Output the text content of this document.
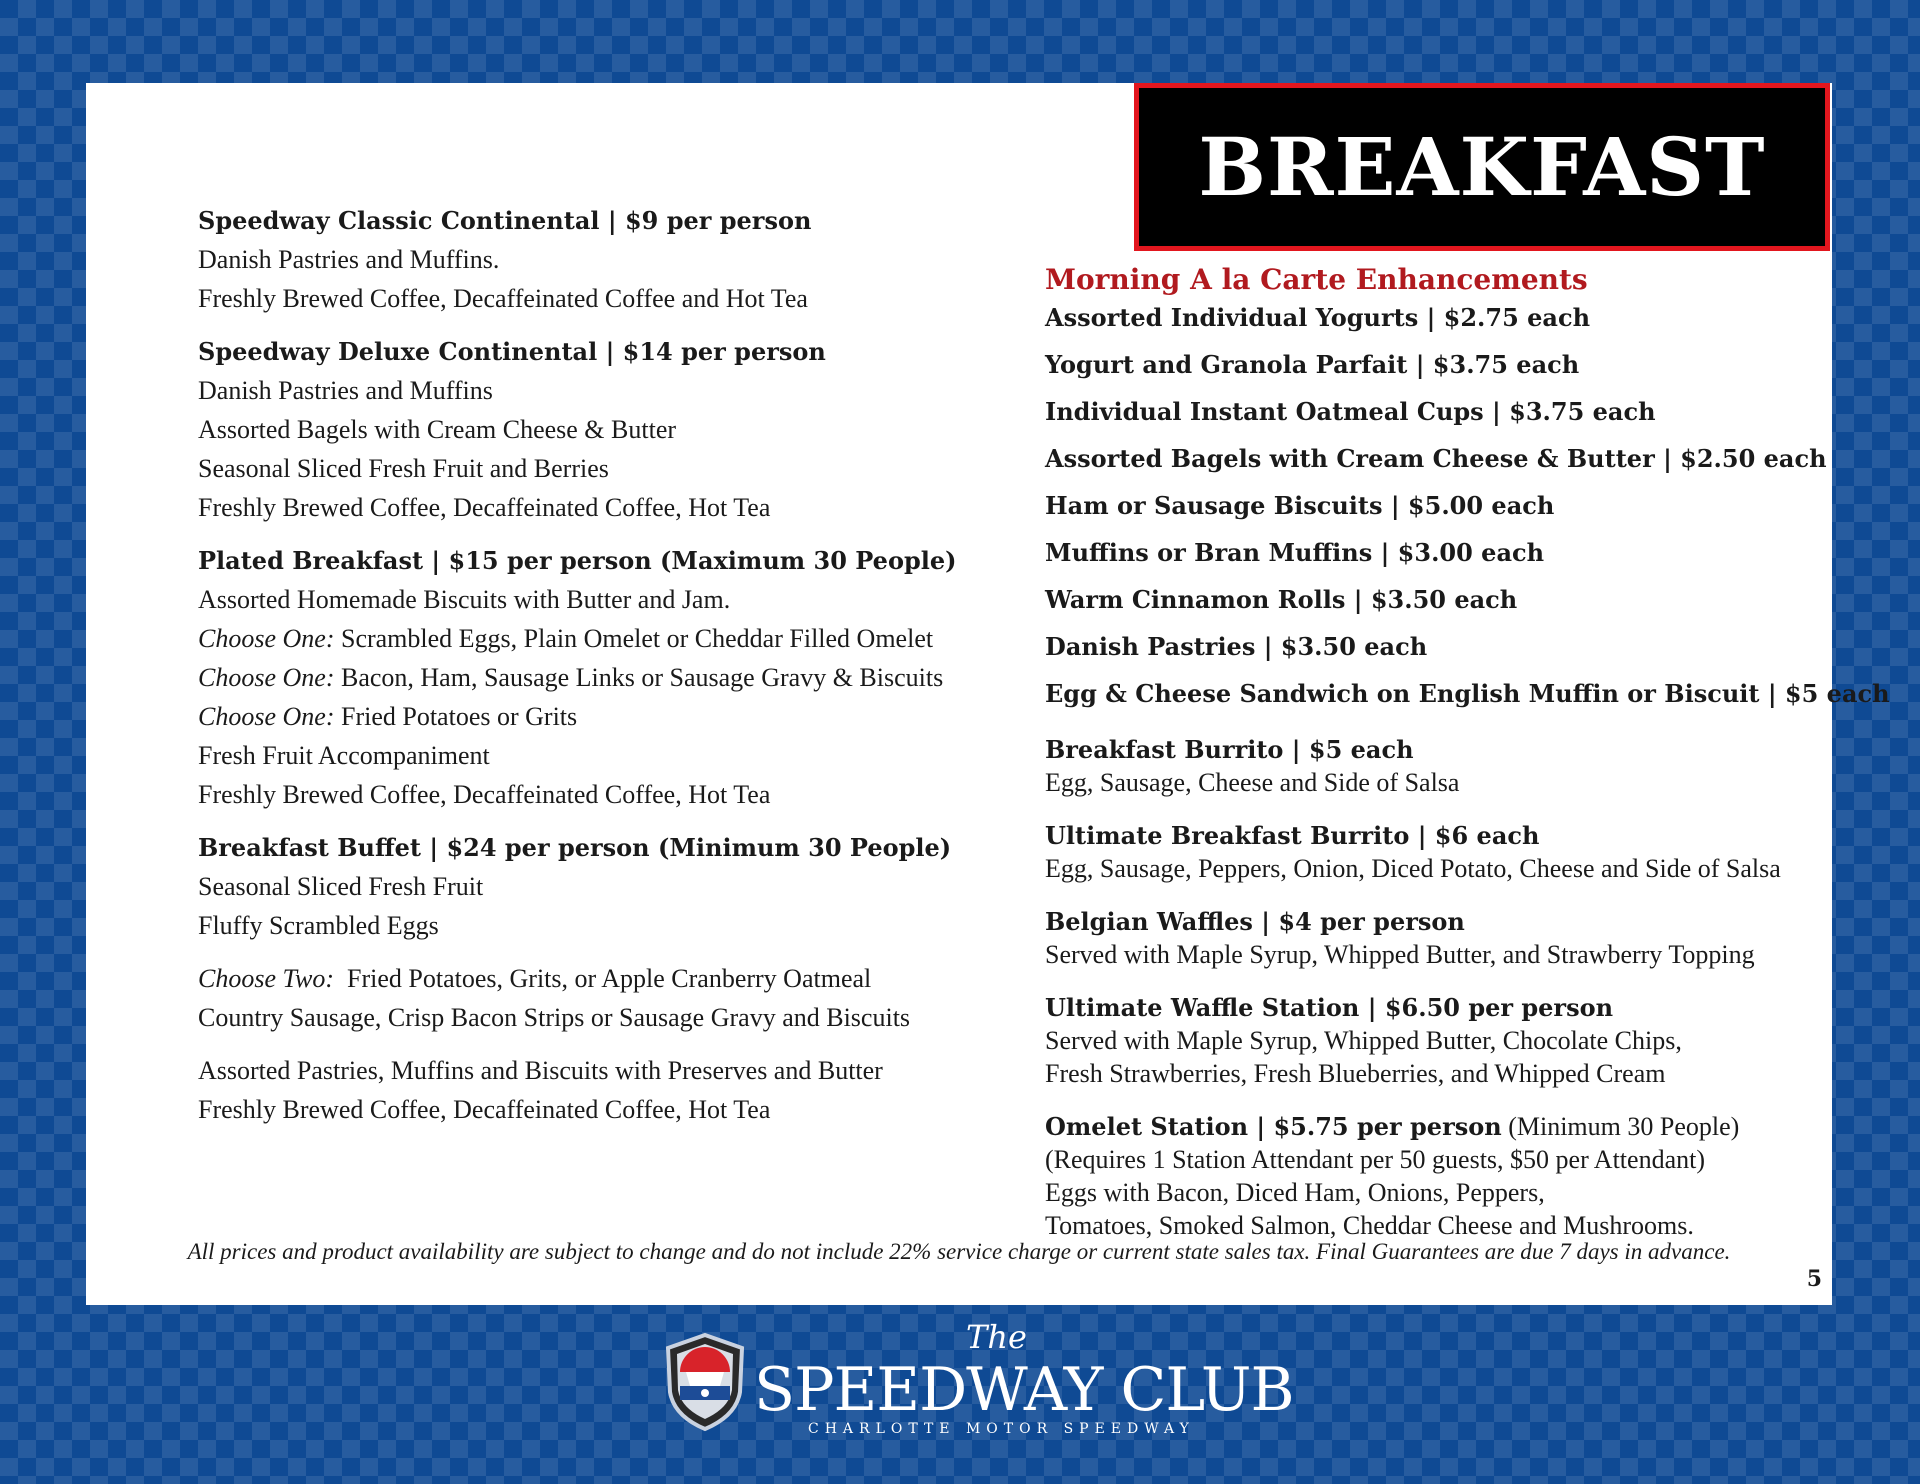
BREAKFAST
Speedway Classic Continental | $9 per person
Danish Pastries and Muffins.
Freshly Brewed Coffee, Decaffeinated Coffee and Hot Tea
Speedway Deluxe Continental | $14 per person
Danish Pastries and Muffins
Assorted Bagels with Cream Cheese & Butter
Seasonal Sliced Fresh Fruit and Berries
Freshly Brewed Coffee, Decaffeinated Coffee, Hot Tea
Plated Breakfast | $15 per person (Maximum 30 People)
Assorted Homemade Biscuits with Butter and Jam.
Choose One: Scrambled Eggs, Plain Omelet or Cheddar Filled Omelet
Choose One: Bacon, Ham, Sausage Links or Sausage Gravy & Biscuits
Choose One: Fried Potatoes or Grits
Fresh Fruit Accompaniment
Freshly Brewed Coffee, Decaffeinated Coffee, Hot Tea
Breakfast Buffet | $24 per person (Minimum 30 People)
Seasonal Sliced Fresh Fruit
Fluffy Scrambled Eggs
Choose Two: Fried Potatoes, Grits, or Apple Cranberry Oatmeal
Country Sausage, Crisp Bacon Strips or Sausage Gravy and Biscuits
Assorted Pastries, Muffins and Biscuits with Preserves and Butter
Freshly Brewed Coffee, Decaffeinated Coffee, Hot Tea
Morning A la Carte Enhancements
Assorted Individual Yogurts | $2.75 each
Yogurt and Granola Parfait | $3.75 each
Individual Instant Oatmeal Cups | $3.75 each
Assorted Bagels with Cream Cheese & Butter | $2.50 each
Ham or Sausage Biscuits | $5.00 each
Muffins or Bran Muffins | $3.00 each
Warm Cinnamon Rolls | $3.50 each
Danish Pastries | $3.50 each
Egg & Cheese Sandwich on English Muffin or Biscuit | $5 each
Breakfast Burrito | $5 each
Egg, Sausage, Cheese and Side of Salsa
Ultimate Breakfast Burrito | $6 each
Egg, Sausage, Peppers, Onion, Diced Potato, Cheese and Side of Salsa
Belgian Waffles | $4 per person
Served with Maple Syrup, Whipped Butter, and Strawberry Topping
Ultimate Waffle Station | $6.50 per person
Served with Maple Syrup, Whipped Butter, Chocolate Chips,
Fresh Strawberries, Fresh Blueberries, and Whipped Cream
Omelet Station | $5.75 per person (Minimum 30 People)
(Requires 1 Station Attendant per 50 guests, $50 per Attendant)
Eggs with Bacon, Diced Ham, Onions, Peppers,
Tomatoes, Smoked Salmon, Cheddar Cheese and Mushrooms.
All prices and product availability are subject to change and do not include 22% service charge or current state sales tax. Final Guarantees are due 7 days in advance.
5
The
SPEEDWAY CLUB
CHARLOTTE MOTOR SPEEDWAY
